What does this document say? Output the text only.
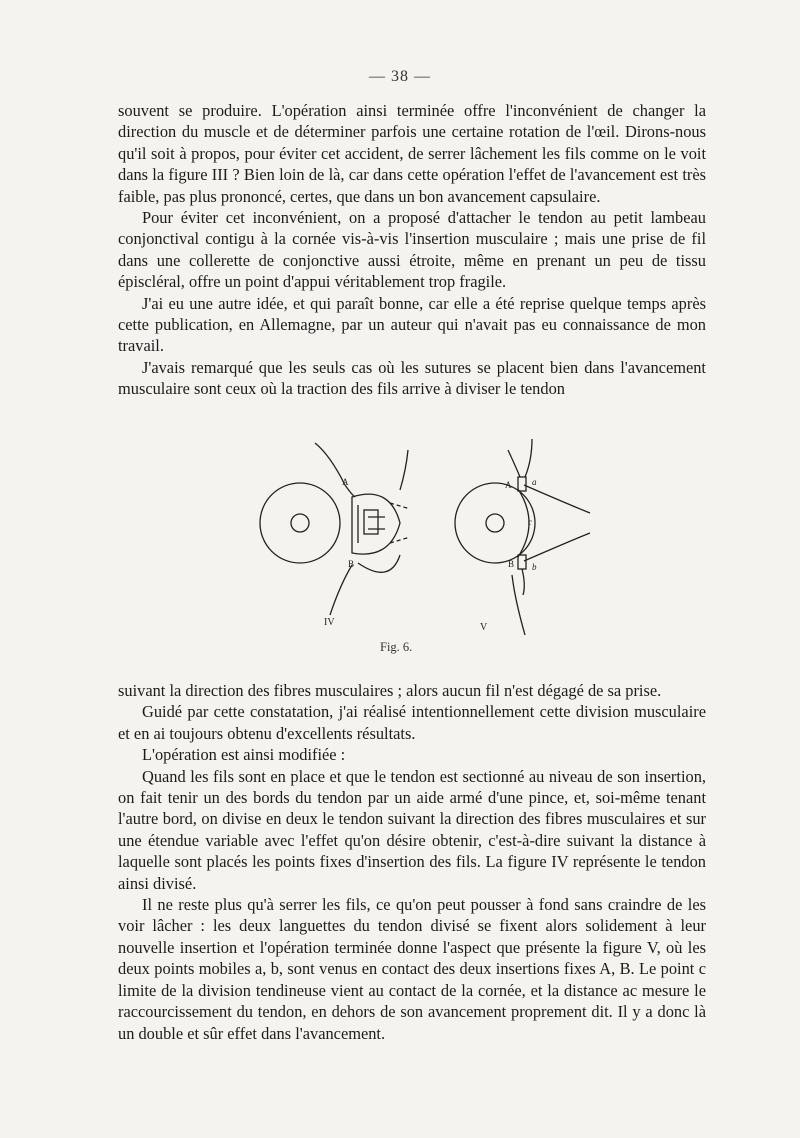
— 38 —

souvent se produire. L'opération ainsi terminée offre l'inconvénient de changer la direction du muscle et de déterminer parfois une certaine rotation de l'œil. Dirons-nous qu'il soit à propos, pour éviter cet accident, de serrer lâchement les fils comme on le voit dans la figure III ? Bien loin de là, car dans cette opération l'effet de l'avancement est très faible, pas plus prononcé, certes, que dans un bon avancement capsulaire.

Pour éviter cet inconvénient, on a proposé d'attacher le tendon au petit lambeau conjonctival contigu à la cornée vis-à-vis l'insertion musculaire ; mais une prise de fil dans une collerette de conjonctive aussi étroite, même en prenant un peu de tissu épiscléral, offre un point d'appui véritablement trop fragile.

J'ai eu une autre idée, et qui paraît bonne, car elle a été reprise quelque temps après cette publication, en Allemagne, par un auteur qui n'avait pas eu connaissance de mon travail.

J'avais remarqué que les seuls cas où les sutures se placent bien dans l'avancement musculaire sont ceux où la traction des fils arrive à diviser le tendon

A
B
IV
A
B
a
b
c
V
Fig. 6.

suivant la direction des fibres musculaires ; alors aucun fil n'est dégagé de sa prise.

Guidé par cette constatation, j'ai réalisé intentionnellement cette division musculaire et en ai toujours obtenu d'excellents résultats.

L'opération est ainsi modifiée :

Quand les fils sont en place et que le tendon est sectionné au niveau de son insertion, on fait tenir un des bords du tendon par un aide armé d'une pince, et, soi-même tenant l'autre bord, on divise en deux le tendon suivant la direction des fibres musculaires et sur une étendue variable avec l'effet qu'on désire obtenir, c'est-à-dire suivant la distance à laquelle sont placés les points fixes d'insertion des fils. La figure IV représente le tendon ainsi divisé.

Il ne reste plus qu'à serrer les fils, ce qu'on peut pousser à fond sans craindre de les voir lâcher : les deux languettes du tendon divisé se fixent alors solidement à leur nouvelle insertion et l'opération terminée donne l'aspect que présente la figure V, où les deux points mobiles a, b, sont venus en contact des deux insertions fixes A, B. Le point c limite de la division tendineuse vient au contact de la cornée, et la distance ac mesure le raccourcissement du tendon, en dehors de son avancement proprement dit. Il y a donc là un double et sûr effet dans l'avancement.
